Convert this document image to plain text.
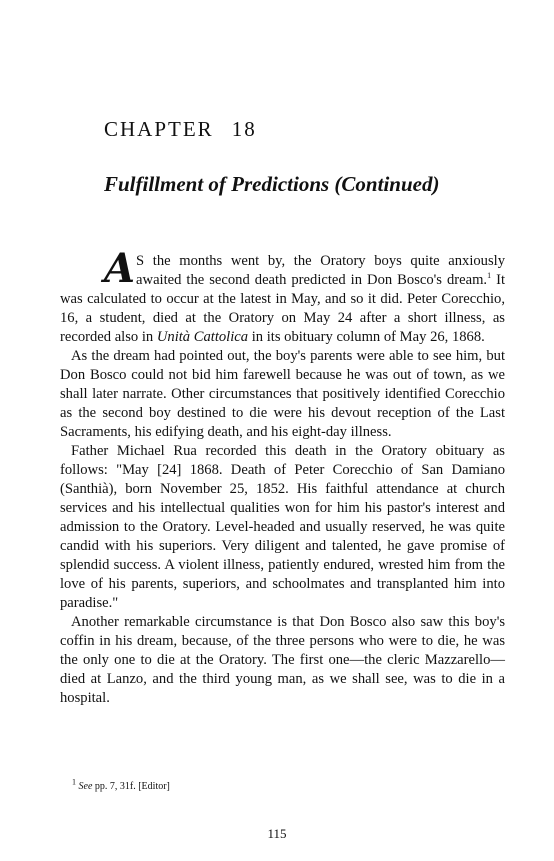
CHAPTER 18
Fulfillment of Predictions (Continued)

A S the months went by, the Oratory boys quite anxiously awaited the second death predicted in Don Bosco's dream.$^1$ It was calculated to occur at the latest in May, and so it did. Peter Corecchio, 16, a student, died at the Oratory on May 24 after a short illness, as recorded also in Unità Cattolica in its obituary column of May 26, 1868.

As the dream had pointed out, the boy's parents were able to see him, but Don Bosco could not bid him farewell because he was out of town, as we shall later narrate. Other circumstances that positively identified Corecchio as the second boy destined to die were his devout reception of the Last Sacraments, his edifying death, and his eight-day illness.

Father Michael Rua recorded this death in the Oratory obituary as follows: "May [24] 1868. Death of Peter Corecchio of San Damiano (Santhià), born November 25, 1852. His faithful attendance at church services and his intellectual qualities won for him his pastor's interest and admission to the Oratory. Level-headed and usually reserved, he was quite candid with his superiors. Very diligent and talented, he gave promise of splendid success. A violent illness, patiently endured, wrested him from the love of his parents, superiors, and schoolmates and transplanted him into paradise."

Another remarkable circumstance is that Don Bosco also saw this boy's coffin in his dream, because, of the three persons who were to die, he was the only one to die at the Oratory. The first one—the cleric Mazzarello—died at Lanzo, and the third young man, as we shall see, was to die in a hospital.

$^1$ See pp. 7, 31f. [Editor]
115
